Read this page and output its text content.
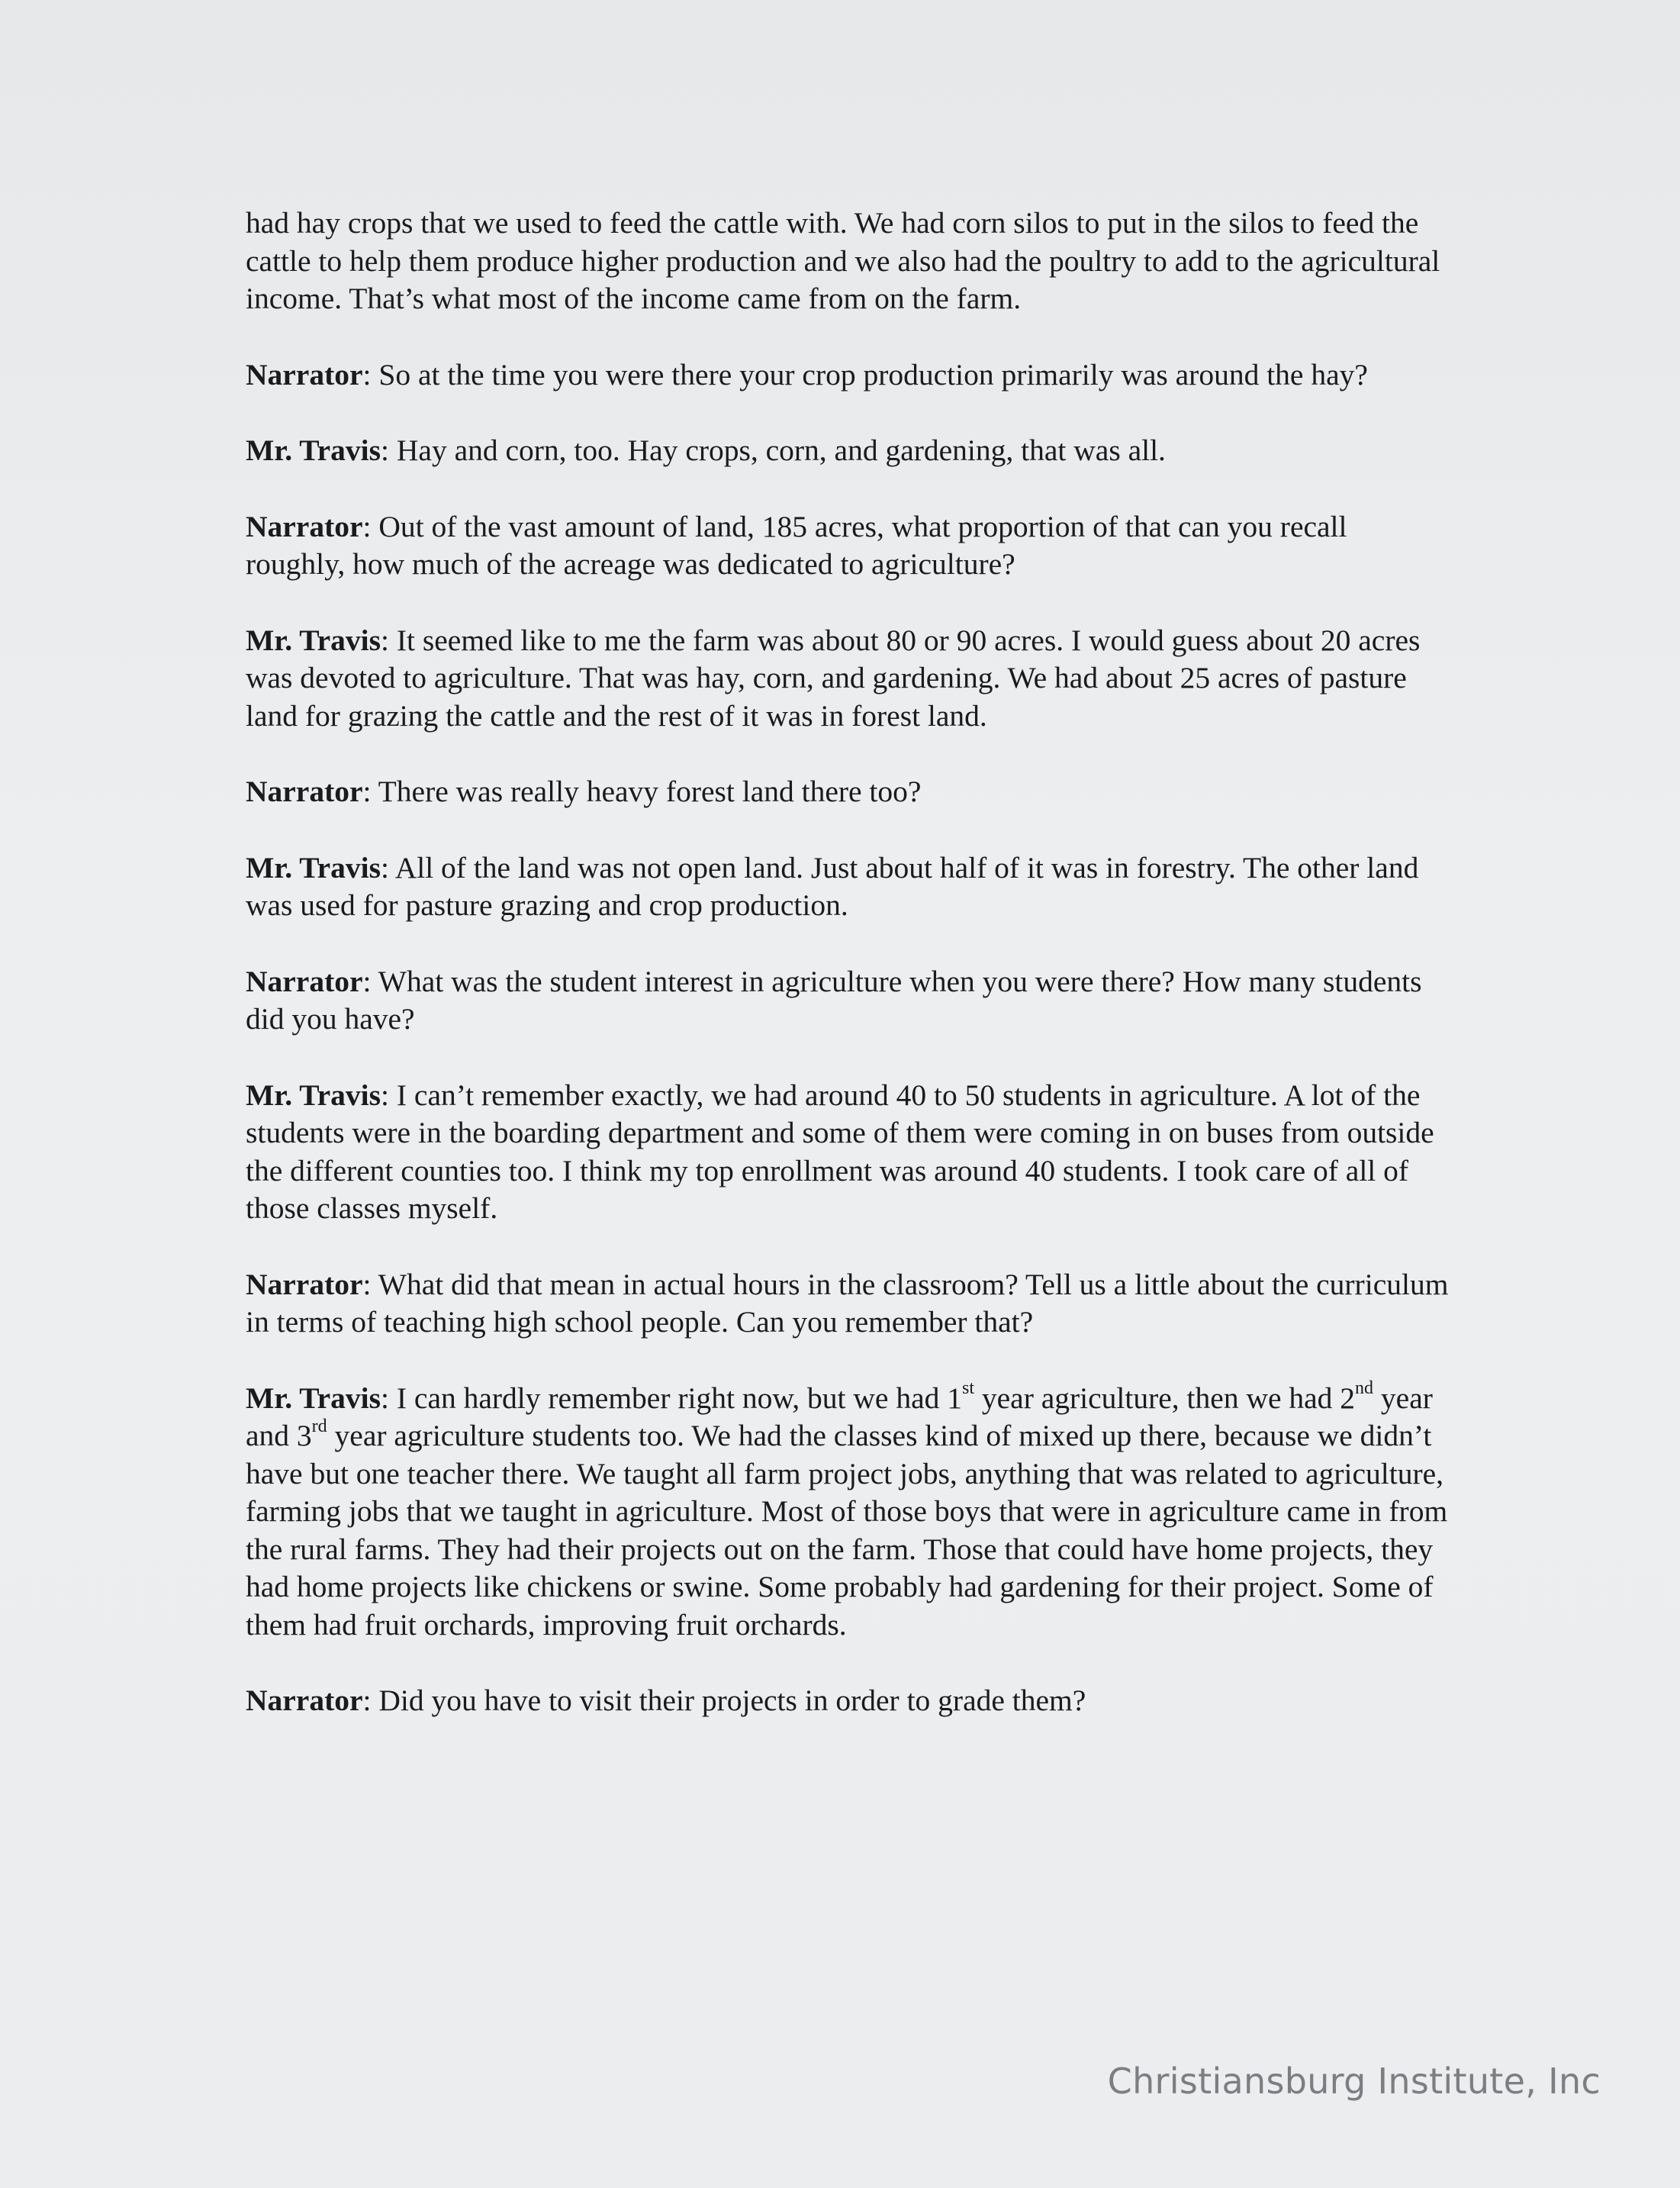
had hay crops that we used to feed the cattle with. We had corn silos to put in the silos to feed the cattle to help them produce higher production and we also had the poultry to add to the agricultural income. That’s what most of the income came from on the farm.

Narrator: So at the time you were there your crop production primarily was around the hay?

Mr. Travis: Hay and corn, too. Hay crops, corn, and gardening, that was all.

Narrator: Out of the vast amount of land, 185 acres, what proportion of that can you recall roughly, how much of the acreage was dedicated to agriculture?

Mr. Travis: It seemed like to me the farm was about 80 or 90 acres. I would guess about 20 acres was devoted to agriculture. That was hay, corn, and gardening. We had about 25 acres of pasture land for grazing the cattle and the rest of it was in forest land.

Narrator: There was really heavy forest land there too?

Mr. Travis: All of the land was not open land. Just about half of it was in forestry. The other land was used for pasture grazing and crop production.

Narrator: What was the student interest in agriculture when you were there? How many students did you have?

Mr. Travis: I can’t remember exactly, we had around 40 to 50 students in agriculture. A lot of the students were in the boarding department and some of them were coming in on buses from outside the different counties too. I think my top enrollment was around 40 students. I took care of all of those classes myself.

Narrator: What did that mean in actual hours in the classroom? Tell us a little about the curriculum in terms of teaching high school people. Can you remember that?

Mr. Travis: I can hardly remember right now, but we had 1st year agriculture, then we had 2nd year and 3rd year agriculture students too. We had the classes kind of mixed up there, because we didn’t have but one teacher there. We taught all farm project jobs, anything that was related to agriculture, farming jobs that we taught in agriculture. Most of those boys that were in agriculture came in from the rural farms. They had their projects out on the farm. Those that could have home projects, they had home projects like chickens or swine. Some probably had gardening for their project. Some of them had fruit orchards, improving fruit orchards.

Narrator: Did you have to visit their projects in order to grade them?

Christiansburg Institute, Inc
